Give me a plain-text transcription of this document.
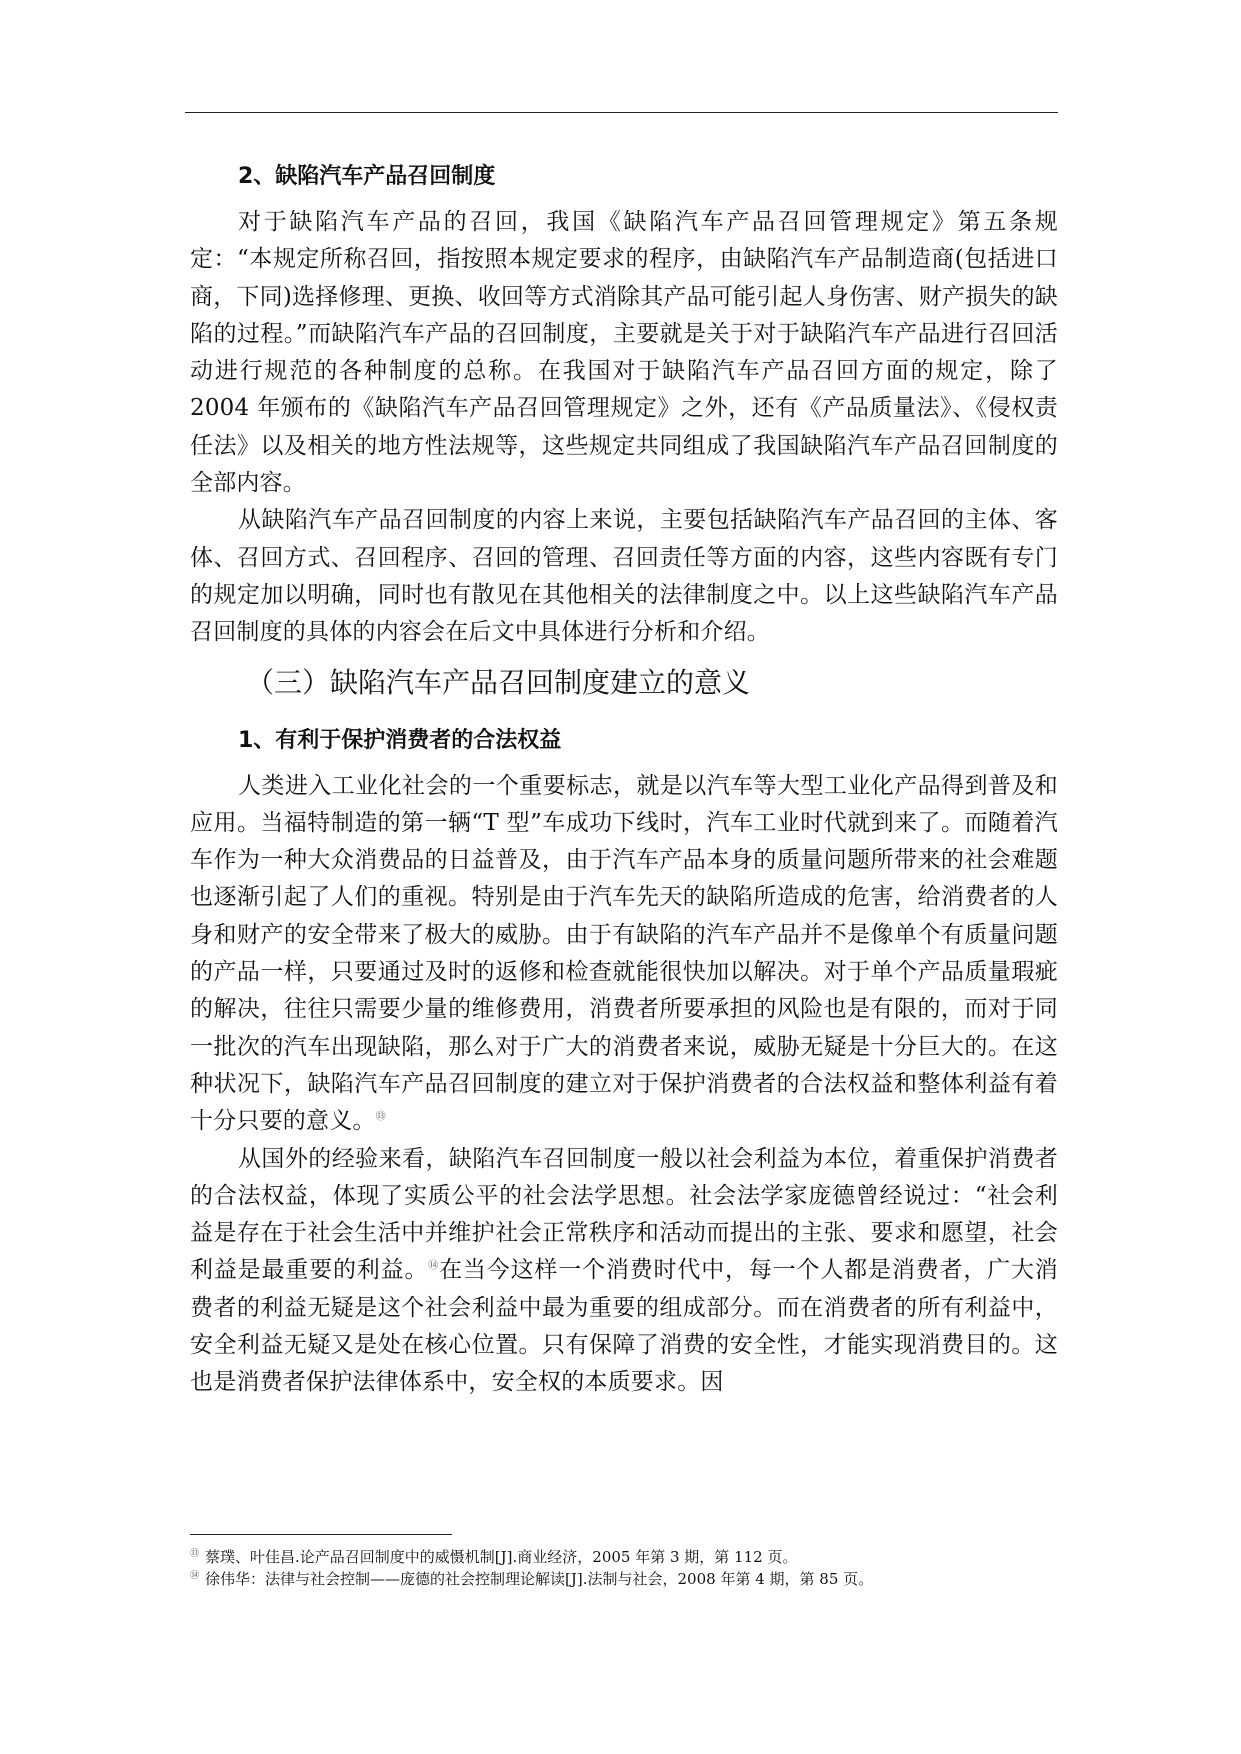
2、缺陷汽车产品召回制度

对于缺陷汽车产品的召回，我国《缺陷汽车产品召回管理规定》第五条规定：“本规定所称召回，指按照本规定要求的程序，由缺陷汽车产品制造商(包括进口商，下同)选择修理、更换、收回等方式消除其产品可能引起人身伤害、财产损失的缺陷的过程。”而缺陷汽车产品的召回制度，主要就是关于对于缺陷汽车产品进行召回活动进行规范的各种制度的总称。在我国对于缺陷汽车产品召回方面的规定，除了 2004 年颁布的《缺陷汽车产品召回管理规定》之外，还有《产品质量法》、《侵权责任法》以及相关的地方性法规等，这些规定共同组成了我国缺陷汽车产品召回制度的全部内容。

从缺陷汽车产品召回制度的内容上来说，主要包括缺陷汽车产品召回的主体、客体、召回方式、召回程序、召回的管理、召回责任等方面的内容，这些内容既有专门的规定加以明确，同时也有散见在其他相关的法律制度之中。以上这些缺陷汽车产品召回制度的具体的内容会在后文中具体进行分析和介绍。

（三）缺陷汽车产品召回制度建立的意义

1、有利于保护消费者的合法权益

人类进入工业化社会的一个重要标志，就是以汽车等大型工业化产品得到普及和应用。当福特制造的第一辆“T 型”车成功下线时，汽车工业时代就到来了。而随着汽车作为一种大众消费品的日益普及，由于汽车产品本身的质量问题所带来的社会难题也逐渐引起了人们的重视。特别是由于汽车先天的缺陷所造成的危害，给消费者的人身和财产的安全带来了极大的威胁。由于有缺陷的汽车产品并不是像单个有质量问题的产品一样，只要通过及时的返修和检查就能很快加以解决。对于单个产品质量瑕疵的解决，往往只需要少量的维修费用，消费者所要承担的风险也是有限的，而对于同一批次的汽车出现缺陷，那么对于广大的消费者来说，威胁无疑是十分巨大的。在这种状况下，缺陷汽车产品召回制度的建立对于保护消费者的合法权益和整体利益有着十分只要的意义。⑬

从国外的经验来看，缺陷汽车召回制度一般以社会利益为本位，着重保护消费者的合法权益，体现了实质公平的社会法学思想。社会法学家庞德曾经说过：“社会利益是存在于社会生活中并维护社会正常秩序和活动而提出的主张、要求和愿望，社会利益是最重要的利益。⑭在当今这样一个消费时代中，每一个人都是消费者，广大消费者的利益无疑是这个社会利益中最为重要的组成部分。而在消费者的所有利益中，安全利益无疑又是处在核心位置。只有保障了消费的安全性，才能实现消费目的。这也是消费者保护法律体系中，安全权的本质要求。因

⑬ 蔡璞、叶佳昌.论产品召回制度中的威慑机制[J].商业经济，2005 年第 3 期，第 112 页。

⑭ 徐伟华：法律与社会控制——庞德的社会控制理论解读[J].法制与社会，2008 年第 4 期，第 85 页。
